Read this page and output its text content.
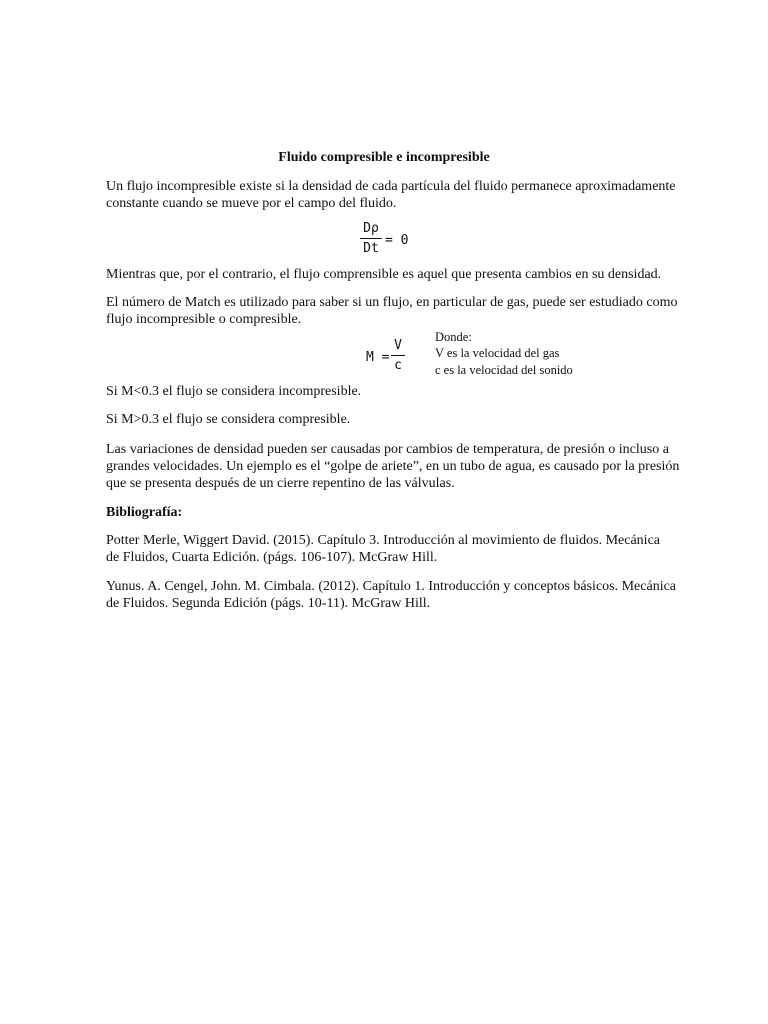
Fluido compresible e incompresible
Un flujo incompresible existe si la densidad de cada partícula del fluido permanece aproximadamente
constante cuando se mueve por el campo del fluido.
Dρ
Dt
= 0
Mientras que, por el contrario, el flujo comprensible es aquel que presenta cambios en su densidad.
El número de Match es utilizado para saber si un flujo, en particular de gas, puede ser estudiado como
flujo incompresible o compresible.
M =
V
c
Donde:
V es la velocidad del gas
c es la velocidad del sonido
Si M<0.3 el flujo se considera incompresible.
Si M>0.3 el flujo se considera compresible.
Las variaciones de densidad pueden ser causadas por cambios de temperatura, de presión o incluso a
grandes velocidades. Un ejemplo es el “golpe de ariete”, en un tubo de agua, es causado por la presión
que se presenta después de un cierre repentino de las válvulas.
Bibliografía:
Potter Merle, Wiggert David. (2015). Capítulo 3. Introducción al movimiento de fluidos. Mecánica
de Fluidos, Cuarta Edición. (págs. 106-107). McGraw Hill.
Yunus. A. Cengel, John. M. Cimbala. (2012). Capítulo 1. Introducción y conceptos básicos. Mecánica
de Fluidos. Segunda Edición (págs. 10-11). McGraw Hill.
